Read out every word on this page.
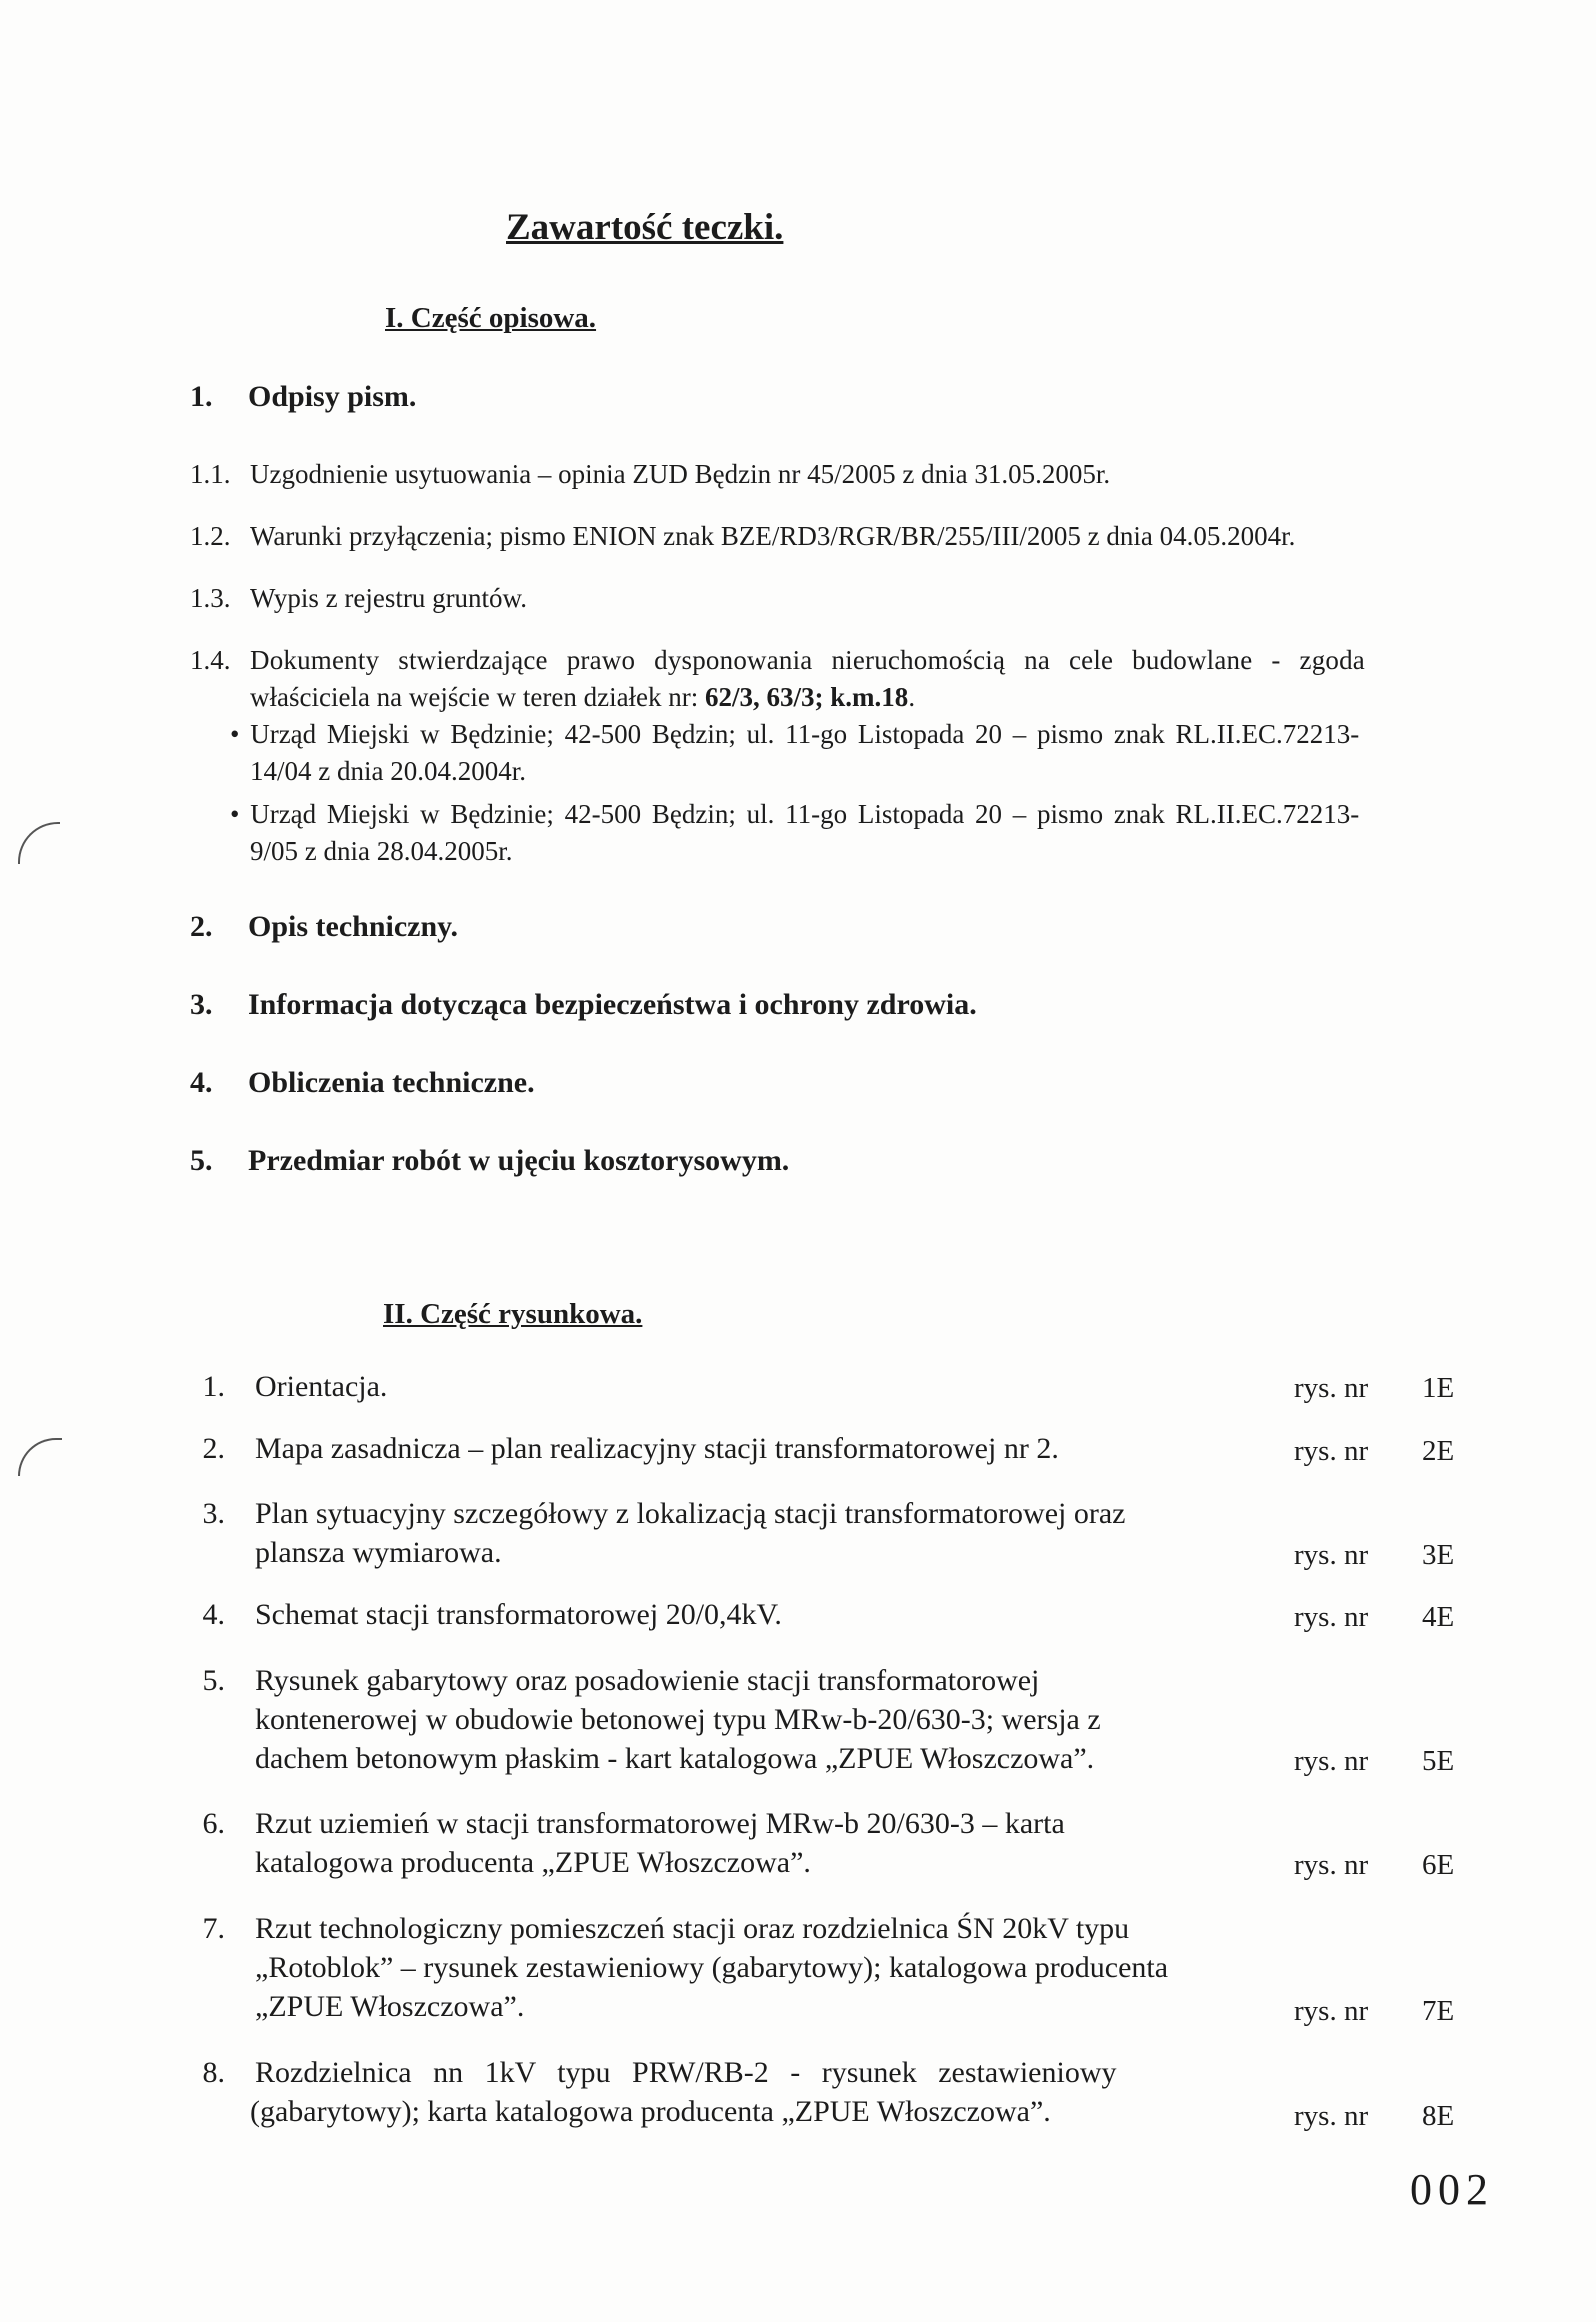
Zawartość teczki.
I. Część opisowa.
1. Odpisy pism.
1.1. Uzgodnienie usytuowania – opinia ZUD Będzin nr 45/2005 z dnia 31.05.2005r.
1.2. Warunki przyłączenia; pismo ENION znak BZE/RD3/RGR/BR/255/III/2005 z dnia 04.05.2004r.
1.3. Wypis z rejestru gruntów.
1.4. Dokumenty stwierdzające prawo dysponowania nieruchomością na cele budowlane - zgoda
właściciela na wejście w teren działek nr: 62/3, 63/3; k.m.18.
• Urząd Miejski w Będzinie; 42-500 Będzin; ul. 11-go Listopada 20 – pismo znak RL.II.EC.72213-
14/04 z dnia 20.04.2004r.
• Urząd Miejski w Będzinie; 42-500 Będzin; ul. 11-go Listopada 20 – pismo znak RL.II.EC.72213-
9/05 z dnia 28.04.2005r.
2. Opis techniczny.
3. Informacja dotycząca bezpieczeństwa i ochrony zdrowia.
4. Obliczenia techniczne.
5. Przedmiar robót w ujęciu kosztorysowym.
II. Część rysunkowa.
1. Orientacja.	rys. nr 1E
2. Mapa zasadnicza – plan realizacyjny stacji transformatorowej nr 2.	rys. nr 2E
3. Plan sytuacyjny szczegółowy z lokalizacją stacji transformatorowej oraz
plansza wymiarowa.	rys. nr 3E
4. Schemat stacji transformatorowej 20/0,4kV.	rys. nr 4E
5. Rysunek gabarytowy oraz posadowienie stacji transformatorowej
kontenerowej w obudowie betonowej typu MRw-b-20/630-3; wersja z
dachem betonowym płaskim - kart katalogowa „ZPUE Włoszczowa”.	rys. nr 5E
6. Rzut uziemień w stacji transformatorowej MRw-b 20/630-3 – karta
katalogowa producenta „ZPUE Włoszczowa”.	rys. nr 6E
7. Rzut technologiczny pomieszczeń stacji oraz rozdzielnica ŚN 20kV typu
„Rotoblok” – rysunek zestawieniowy (gabarytowy); katalogowa producenta
„ZPUE Włoszczowa”.	rys. nr 7E
8. Rozdzielnica nn 1kV typu PRW/RB-2 - rysunek zestawieniowy
(gabarytowy); karta katalogowa producenta „ZPUE Włoszczowa”.	rys. nr 8E
002
